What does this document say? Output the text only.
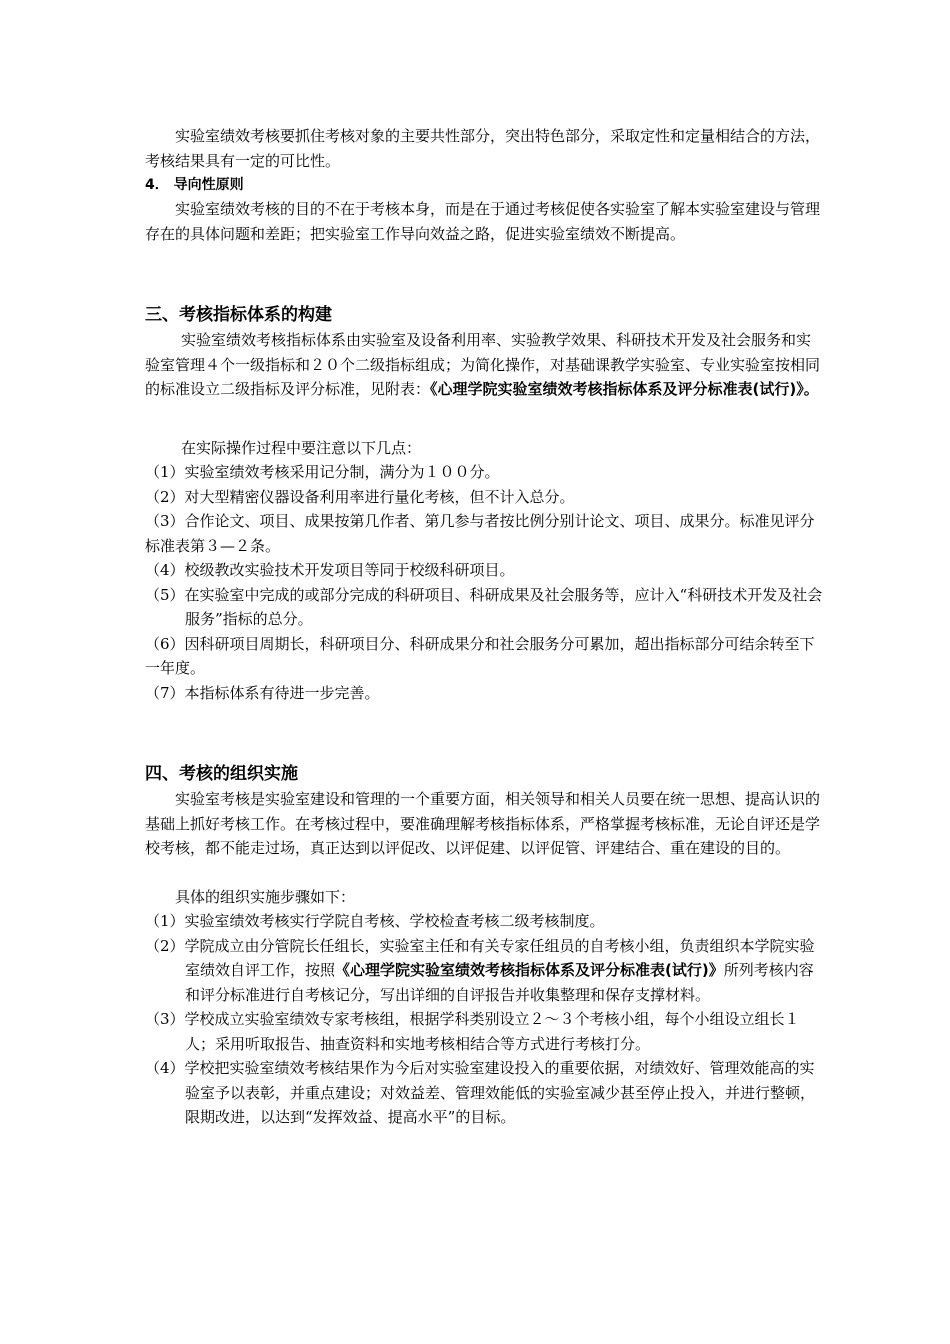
实验室绩效考核要抓住考核对象的主要共性部分，突出特色部分，采取定性和定量相结合的方法，考核结果具有一定的可比性。

4． 导向性原则

实验室绩效考核的目的不在于考核本身，而是在于通过考核促使各实验室了解本实验室建设与管理存在的具体问题和差距；把实验室工作导向效益之路，促进实验室绩效不断提高。

三、考核指标体系的构建

实验室绩效考核指标体系由实验室及设备利用率、实验教学效果、科研技术开发及社会服务和实验室管理４个一级指标和２０个二级指标组成；为简化操作，对基础课教学实验室、专业实验室按相同的标准设立二级指标及评分标准，见附表：《心理学院实验室绩效考核指标体系及评分标准表(试行)》。

在实际操作过程中要注意以下几点：

（1）实验室绩效考核采用记分制，满分为１００分。

（2）对大型精密仪器设备利用率进行量化考核，但不计入总分。

（3）合作论文、项目、成果按第几作者、第几参与者按比例分别计论文、项目、成果分。标准见评分标准表第３—２条。

（4）校级教改实验技术开发项目等同于校级科研项目。

（5）在实验室中完成的或部分完成的科研项目、科研成果及社会服务等，应计入“科研技术开发及社会服务”指标的总分。

（6）因科研项目周期长，科研项目分、科研成果分和社会服务分可累加，超出指标部分可结余转至下一年度。

（7）本指标体系有待进一步完善。

四、考核的组织实施

实验室考核是实验室建设和管理的一个重要方面，相关领导和相关人员要在统一思想、提高认识的基础上抓好考核工作。在考核过程中，要准确理解考核指标体系，严格掌握考核标准，无论自评还是学校考核，都不能走过场，真正达到以评促改、以评促建、以评促管、评建结合、重在建设的目的。

具体的组织实施步骤如下：

（1）实验室绩效考核实行学院自考核、学校检查考核二级考核制度。

（2）学院成立由分管院长任组长，实验室主任和有关专家任组员的自考核小组，负责组织本学院实验室绩效自评工作，按照《心理学院实验室绩效考核指标体系及评分标准表(试行)》所列考核内容和评分标准进行自考核记分，写出详细的自评报告并收集整理和保存支撑材料。

（3）学校成立实验室绩效专家考核组，根据学科类别设立２～３个考核小组，每个小组设立组长１人；采用听取报告、抽查资料和实地考核相结合等方式进行考核打分。

（4）学校把实验室绩效考核结果作为今后对实验室建设投入的重要依据，对绩效好、管理效能高的实验室予以表彰，并重点建设；对效益差、管理效能低的实验室减少甚至停止投入，并进行整顿，限期改进，以达到“发挥效益、提高水平”的目标。
